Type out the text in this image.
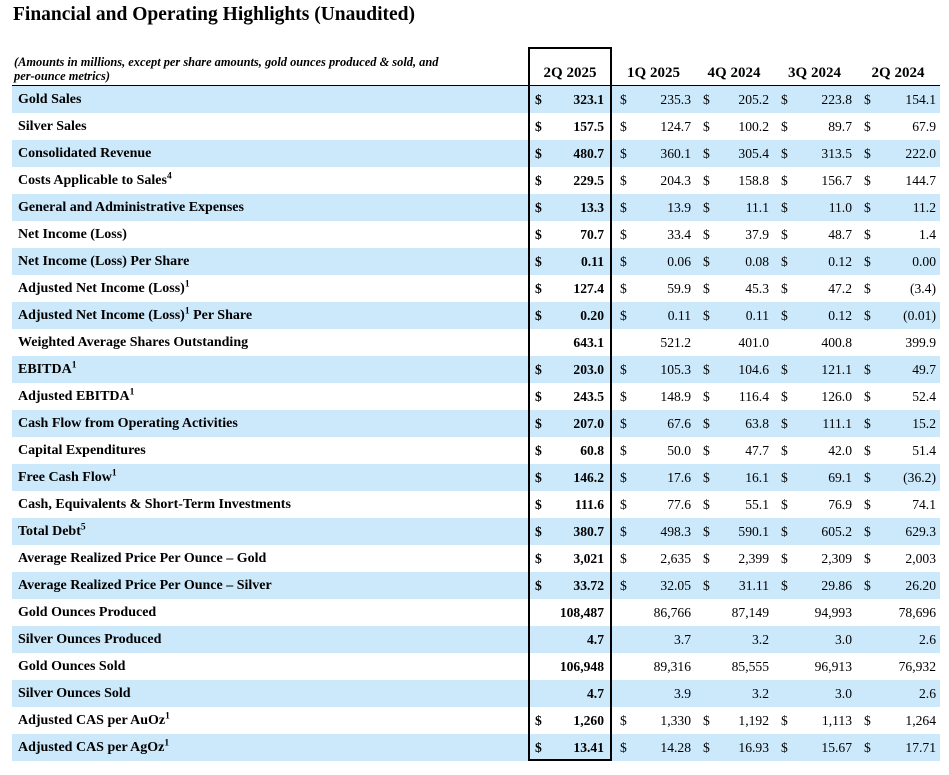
Financial and Operating Highlights (Unaudited)
(Amounts in millions, except per share amounts, gold ounces produced & sold, and
per-ounce metrics)	2Q 2025	1Q 2025	4Q 2024	3Q 2024	2Q 2024
Gold Sales	$ 323.1 $ 235.3 $ 205.2 $ 223.8 $	154.1
Silver Sales	$ 157.5 $ 124.7 $ 100.2 $	89.7 $	67.9
Consolidated Revenue	$ 480.7 $ 360.1 $ 305.4 $ 313.5 $	222.0
Costs Applicable to Sales$^4$	$ 229.5 $ 204.3 $ 158.8 $ 156.7 $	144.7
General and Administrative Expenses	$	13.3 $	13.9 $	11.1 $	11.0 $	11.2
Net Income (Loss)	$	70.7 $	33.4 $	37.9 $	48.7 $	1.4
Net Income (Loss) Per Share	$	0.11 $	0.06 $	0.08 $	0.12 $	0.00
Adjusted Net Income (Loss)$^1$	$ 127.4 $	59.9 $	45.3 $	47.2 $	(3.4)
Adjusted Net Income (Loss)$^1$ Per Share	$	0.20 $	0.11 $	0.11 $	0.12 $ (0.01)
Weighted Average Shares Outstanding	643.1	521.2	401.0	400.8	399.9
EBITDA$^1$	$ 203.0 $ 105.3 $ 104.6 $ 121.1 $	49.7
Adjusted EBITDA$^1$	$ 243.5 $ 148.9 $ 116.4 $ 126.0 $	52.4
Cash Flow from Operating Activities	$ 207.0 $	67.6 $	63.8 $	111.1 $	15.2
Capital Expenditures	$	60.8 $	50.0 $	47.7 $	42.0 $	51.4
Free Cash Flow$^1$	$ 146.2 $	17.6 $	16.1 $	69.1 $ (36.2)
Cash, Equivalents & Short-Term Investments	$ 111.6 $	77.6 $	55.1 $	76.9 $	74.1
Total Debt$^5$	$ 380.7 $ 498.3 $ 590.1 $ 605.2 $	629.3
Average Realized Price Per Ounce – Gold	$ 3,021 $ 2,635 $ 2,399 $ 2,309 $	2,003
Average Realized Price Per Ounce – Silver	$ 33.72 $ 32.05 $ 31.11 $ 29.86 $	26.20
Gold Ounces Produced	108,487	86,766	87,149	94,993	78,696
Silver Ounces Produced	4.7	3.7	3.2	3.0	2.6
Gold Ounces Sold	106,948	89,316	85,555	96,913	76,932
Silver Ounces Sold	4.7	3.9	3.2	3.0	2.6
Adjusted CAS per AuOz$^1$	$ 1,260 $ 1,330 $ 1,192 $	1,113 $	1,264
Adjusted CAS per AgOz$^1$	$ 13.41 $ 14.28 $ 16.93 $ 15.67 $	17.71
